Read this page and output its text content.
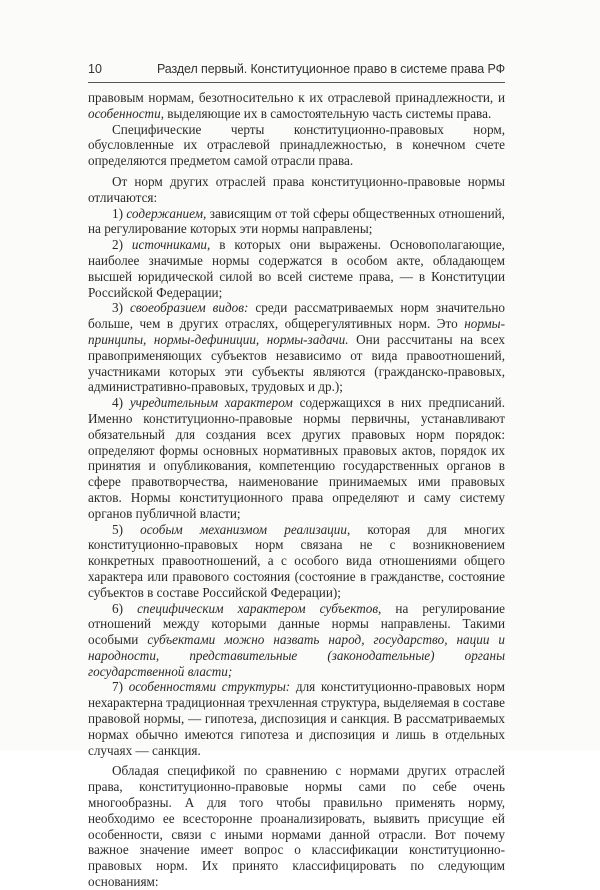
10	Раздел первый. Конституционное право в системе права РФ

правовым нормам, безотносительно к их отраслевой принадлежности, и особенности, выделяющие их в самостоятельную часть системы права.

Специфические черты конституционно-правовых норм, обусловленные их отраслевой принадлежностью, в конечном счете определяются предметом самой отрасли права.

От норм других отраслей права конституционно-правовые нормы отличаются:

1) содержанием, зависящим от той сферы общественных отношений, на регулирование которых эти нормы направлены;

2) источниками, в которых они выражены. Основополагающие, наиболее значимые нормы содержатся в особом акте, обладающем высшей юридической силой во всей системе права, — в Конституции Российской Федерации;

3) своеобразием видов: среди рассматриваемых норм значительно больше, чем в других отраслях, общерегулятивных норм. Это нормы-принципы, нормы-дефиниции, нормы-задачи. Они рассчитаны на всех правоприменяющих субъектов независимо от вида правоотношений, участниками которых эти субъекты являются (гражданско-правовых, административно-правовых, трудовых и др.);

4) учредительным характером содержащихся в них предписаний. Именно конституционно-правовые нормы первичны, устанавливают обязательный для создания всех других правовых норм порядок: определяют формы основных нормативных правовых актов, порядок их принятия и опубликования, компетенцию государственных органов в сфере правотворчества, наименование принимаемых ими правовых актов. Нормы конституционного права определяют и саму систему органов публичной власти;

5) особым механизмом реализации, которая для многих конституционно-правовых норм связана не с возникновением конкретных правоотношений, а с особого вида отношениями общего характера или правового состояния (состояние в гражданстве, состояние субъектов в составе Российской Федерации);

6) специфическим характером субъектов, на регулирование отношений между которыми данные нормы направлены. Такими особыми субъектами можно назвать народ, государство, нации и народности, представительные (законодательные) органы государственной власти;

7) особенностями структуры: для конституционно-правовых норм нехарактерна традиционная трехчленная структура, выделяемая в составе правовой нормы, — гипотеза, диспозиция и санкция. В рассматриваемых нормах обычно имеются гипотеза и диспозиция и лишь в отдельных случаях — санкция.

Обладая спецификой по сравнению с нормами других отраслей права, конституционно-правовые нормы сами по себе очень многообразны. А для того чтобы правильно применять норму, необходимо ее всесторонне проанализировать, выявить присущие ей особенности, связи с иными нормами данной отрасли. Вот почему важное значение имеет вопрос о классификации конституционно-правовых норм. Их принято классифицировать по следующим основаниям:
